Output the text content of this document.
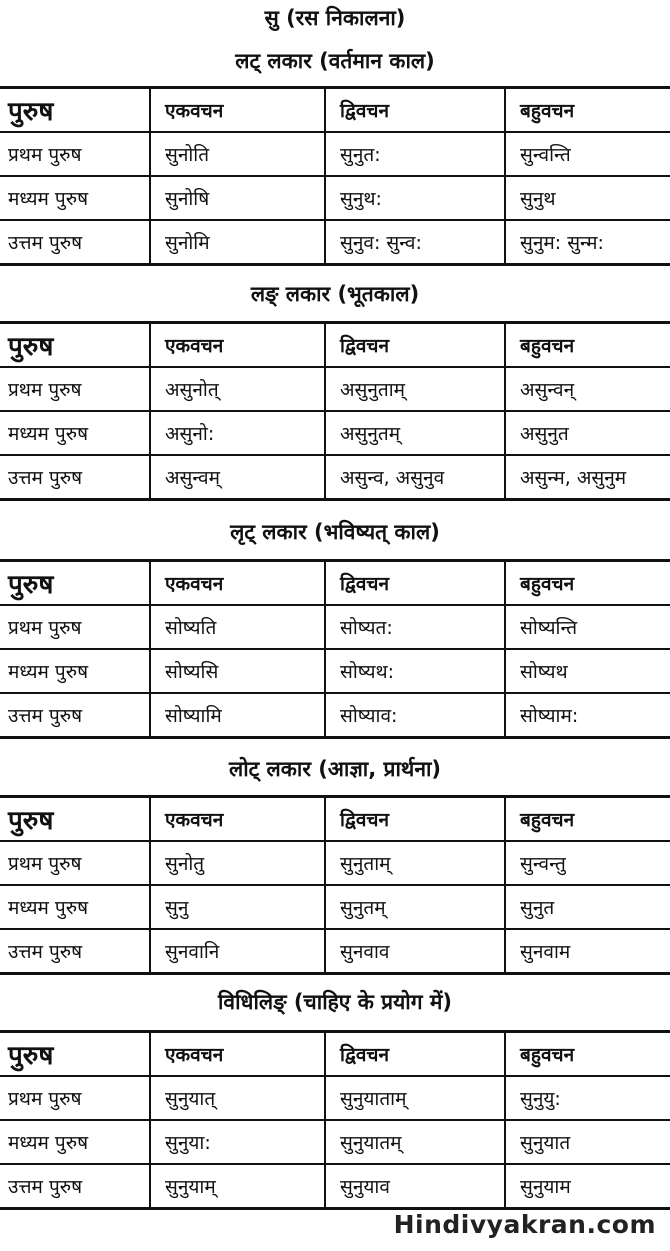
सु (रस निकालना)
लट् लकार (वर्तमान काल)
पुरुष	एकवचन	द्विवचन	बहुवचन
प्रथम पुरुष	सुनोति	सुनुत:	सुन्वन्ति
मध्यम पुरुष	सुनोषि	सुनुथ:	सुनुथ
उत्तम पुरुष	सुनोमि	सुनुव: सुन्व:	सुनुम: सुन्म:
लङ् लकार (भूतकाल)
पुरुष	एकवचन	द्विवचन	बहुवचन
प्रथम पुरुष	असुनोत्	असुनुताम्	असुन्वन्
मध्यम पुरुष	असुनो:	असुनुतम्	असुनुत
उत्तम पुरुष	असुन्वम्	असुन्व, असुनुव	असुन्म, असुनुम
लृट् लकार (भविष्यत् काल)
पुरुष	एकवचन	द्विवचन	बहुवचन
प्रथम पुरुष	सोष्यति	सोष्यत:	सोष्यन्ति
मध्यम पुरुष	सोष्यसि	सोष्यथ:	सोष्यथ
उत्तम पुरुष	सोष्यामि	सोष्याव:	सोष्याम:
लोट् लकार (आज्ञा, प्रार्थना)
पुरुष	एकवचन	द्विवचन	बहुवचन
प्रथम पुरुष	सुनोतु	सुनुताम्	सुन्वन्तु
मध्यम पुरुष	सुनु	सुनुतम्	सुनुत
उत्तम पुरुष	सुनवानि	सुनवाव	सुनवाम
विधिलिङ् (चाहिए के प्रयोग में)
पुरुष	एकवचन	द्विवचन	बहुवचन
प्रथम पुरुष	सुनुयात्	सुनुयाताम्	सुनुयु:
मध्यम पुरुष	सुनुया:	सुनुयातम्	सुनुयात
उत्तम पुरुष	सुनुयाम्	सुनुयाव	सुनुयाम
Hindivyakran.com
